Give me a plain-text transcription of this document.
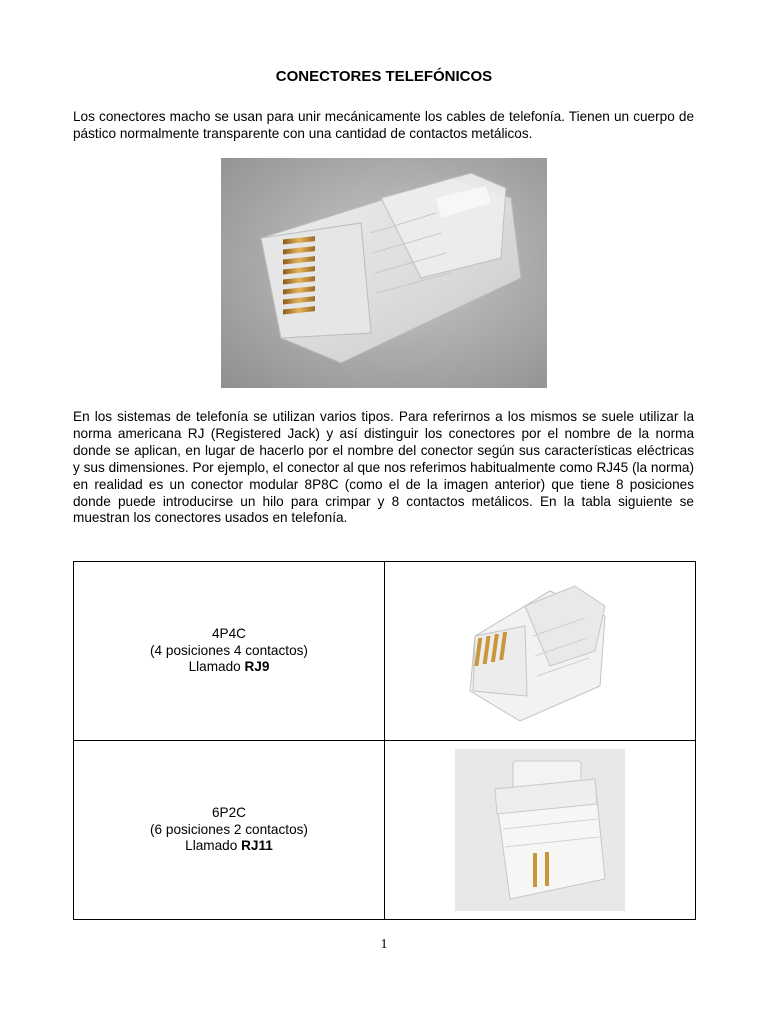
CONECTORES TELEFÓNICOS
Los conectores macho se usan para unir mecánicamente los cables de telefonía. Tienen un cuerpo de pástico normalmente transparente con una cantidad de contactos metálicos.
En los sistemas de telefonía se utilizan varios tipos. Para referirnos a los mismos se suele utilizar la norma americana RJ (Registered Jack) y así distinguir los conectores por el nombre de la norma donde se aplican, en lugar de hacerlo por el nombre del conector según sus características eléctricas y sus dimensiones. Por ejemplo, el conector al que nos referimos habitualmente como RJ45 (la norma) en realidad es un conector modular 8P8C (como el de la imagen anterior) que tiene 8 posiciones donde puede introducirse un hilo para crimpar y 8 contactos metálicos. En la tabla siguiente se muestran los conectores usados en telefonía.
4P4C
(4 posiciones 4 contactos)
Llamado RJ9

6P2C
(6 posiciones 2 contactos)
Llamado RJ11

1
